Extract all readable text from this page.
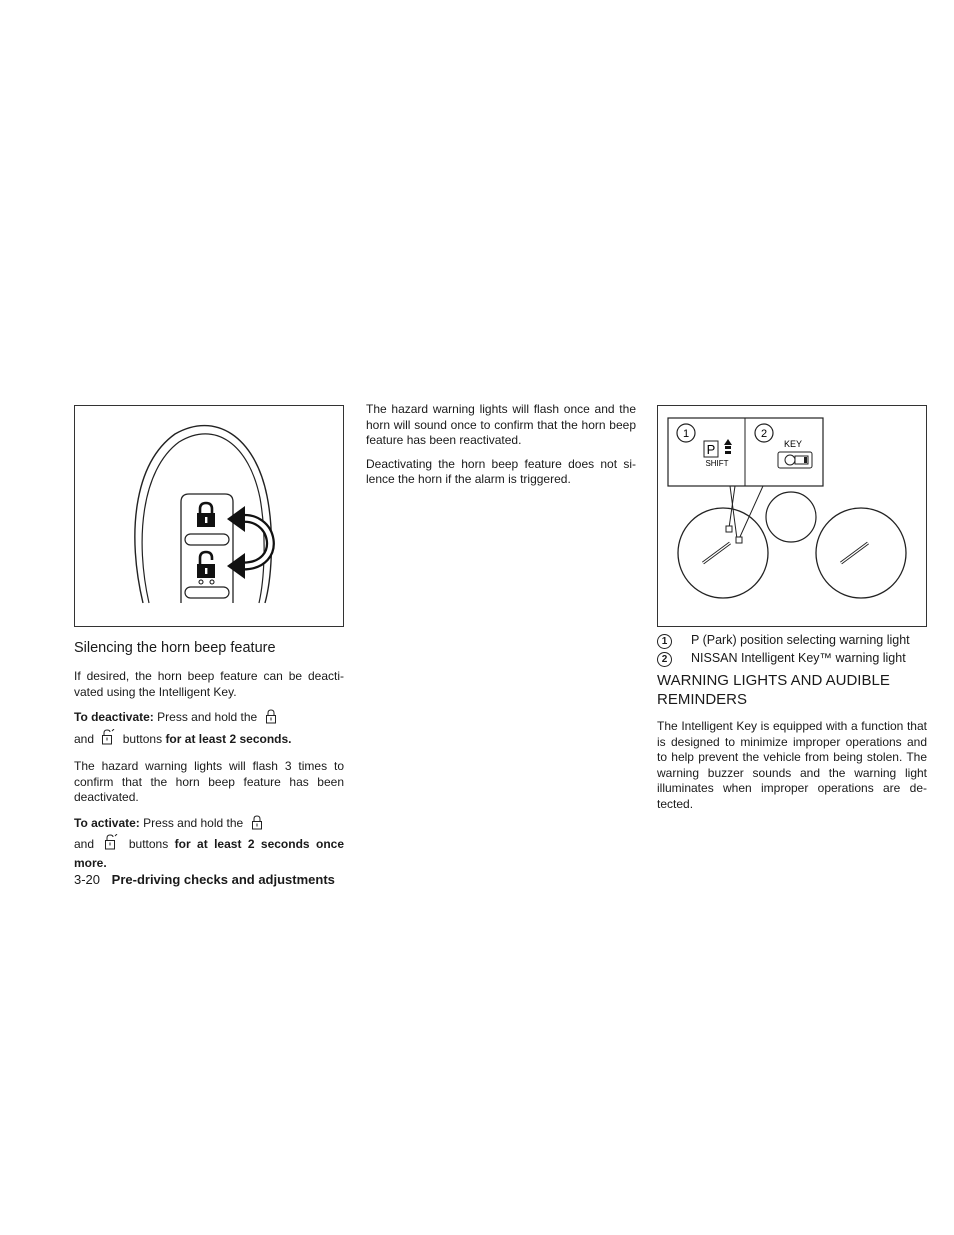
Silencing the horn beep feature

If desired, the horn beep feature can be deacti- vated using the Intelligent Key.

To deactivate: Press and hold the
and buttons for at least 2 seconds.

The hazard warning lights will flash 3 times to confirm that the horn beep feature has been deactivated.

To activate: Press and hold the
and	buttons for at least 2 seconds once more.

The hazard warning lights will flash once and the horn will sound once to confirm that the horn beep feature has been reactivated.

Deactivating the horn beep feature does not si- lence the horn if the alarm is triggered.

1	2
P
SHIFT
KEY
1	P (Park) position selecting warning light
2	NISSAN Intelligent Key™ warning light
WARNING LIGHTS AND AUDIBLE REMINDERS

The Intelligent Key is equipped with a function that is designed to minimize improper operations and to help prevent the vehicle from being stolen. The warning buzzer sounds and the warning light illuminates when improper operations are de- tected.

3-20 Pre-driving checks and adjustments
